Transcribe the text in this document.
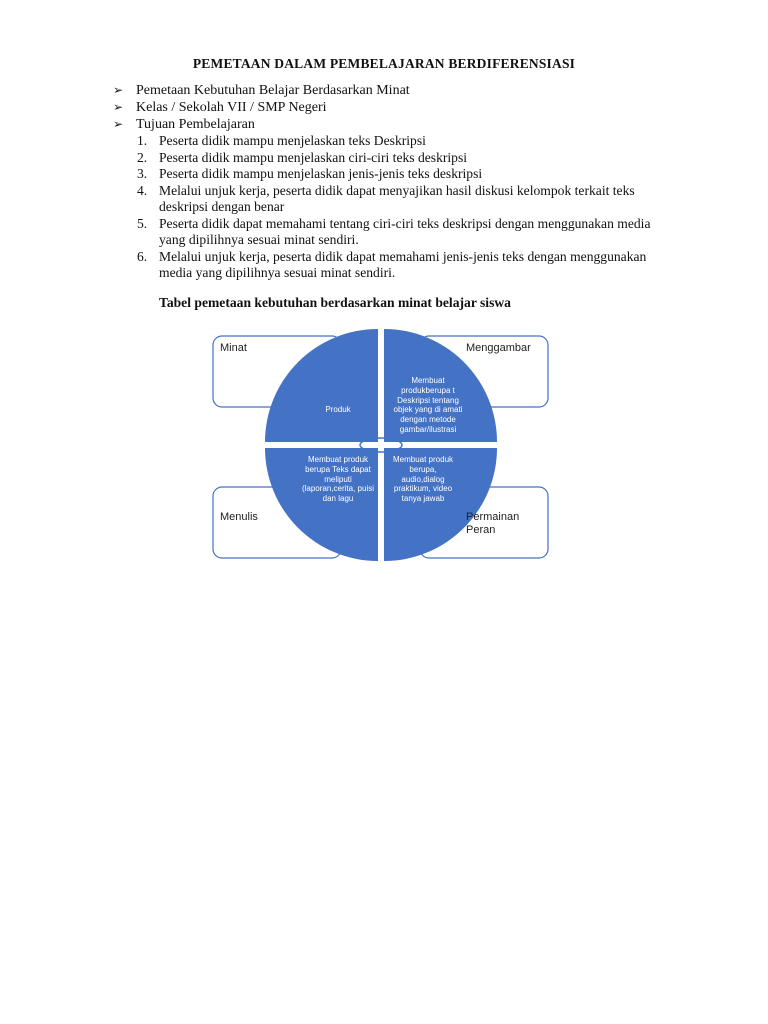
PEMETAAN DALAM PEMBELAJARAN BERDIFERENSIASI
➢ Pemetaan Kebutuhan Belajar Berdasarkan Minat
➢ Kelas / Sekolah VII / SMP Negeri
➢ Tujuan Pembelajaran
1. Peserta didik mampu menjelaskan teks Deskripsi
2. Peserta didik mampu menjelaskan ciri-ciri teks deskripsi
3. Peserta didik mampu menjelaskan jenis-jenis teks deskripsi
4. Melalui unjuk kerja, peserta didik dapat menyajikan hasil diskusi kelompok terkait teks deskripsi dengan benar
5. Peserta didik dapat memahami tentang ciri-ciri teks deskripsi dengan menggunakan media yang dipilihnya sesuai minat sendiri.
6. Melalui unjuk kerja, peserta didik dapat memahami jenis-jenis teks dengan menggunakan media yang dipilihnya sesuai minat sendiri.
Tabel pemetaan kebutuhan berdasarkan minat belajar siswa
Minat	Menggambar
Menulis	Permainan Peran
Produk
Membuat produkberupa t Deskripsi tentang objek yang di amati dengan metode gambar/ilustrasi
Membuat produk berupa Teks dapat meliputi (laporan,cerita, puisi dan lagu
Membuat produk berupa, audio,dialog praktikum, video tanya jawab
